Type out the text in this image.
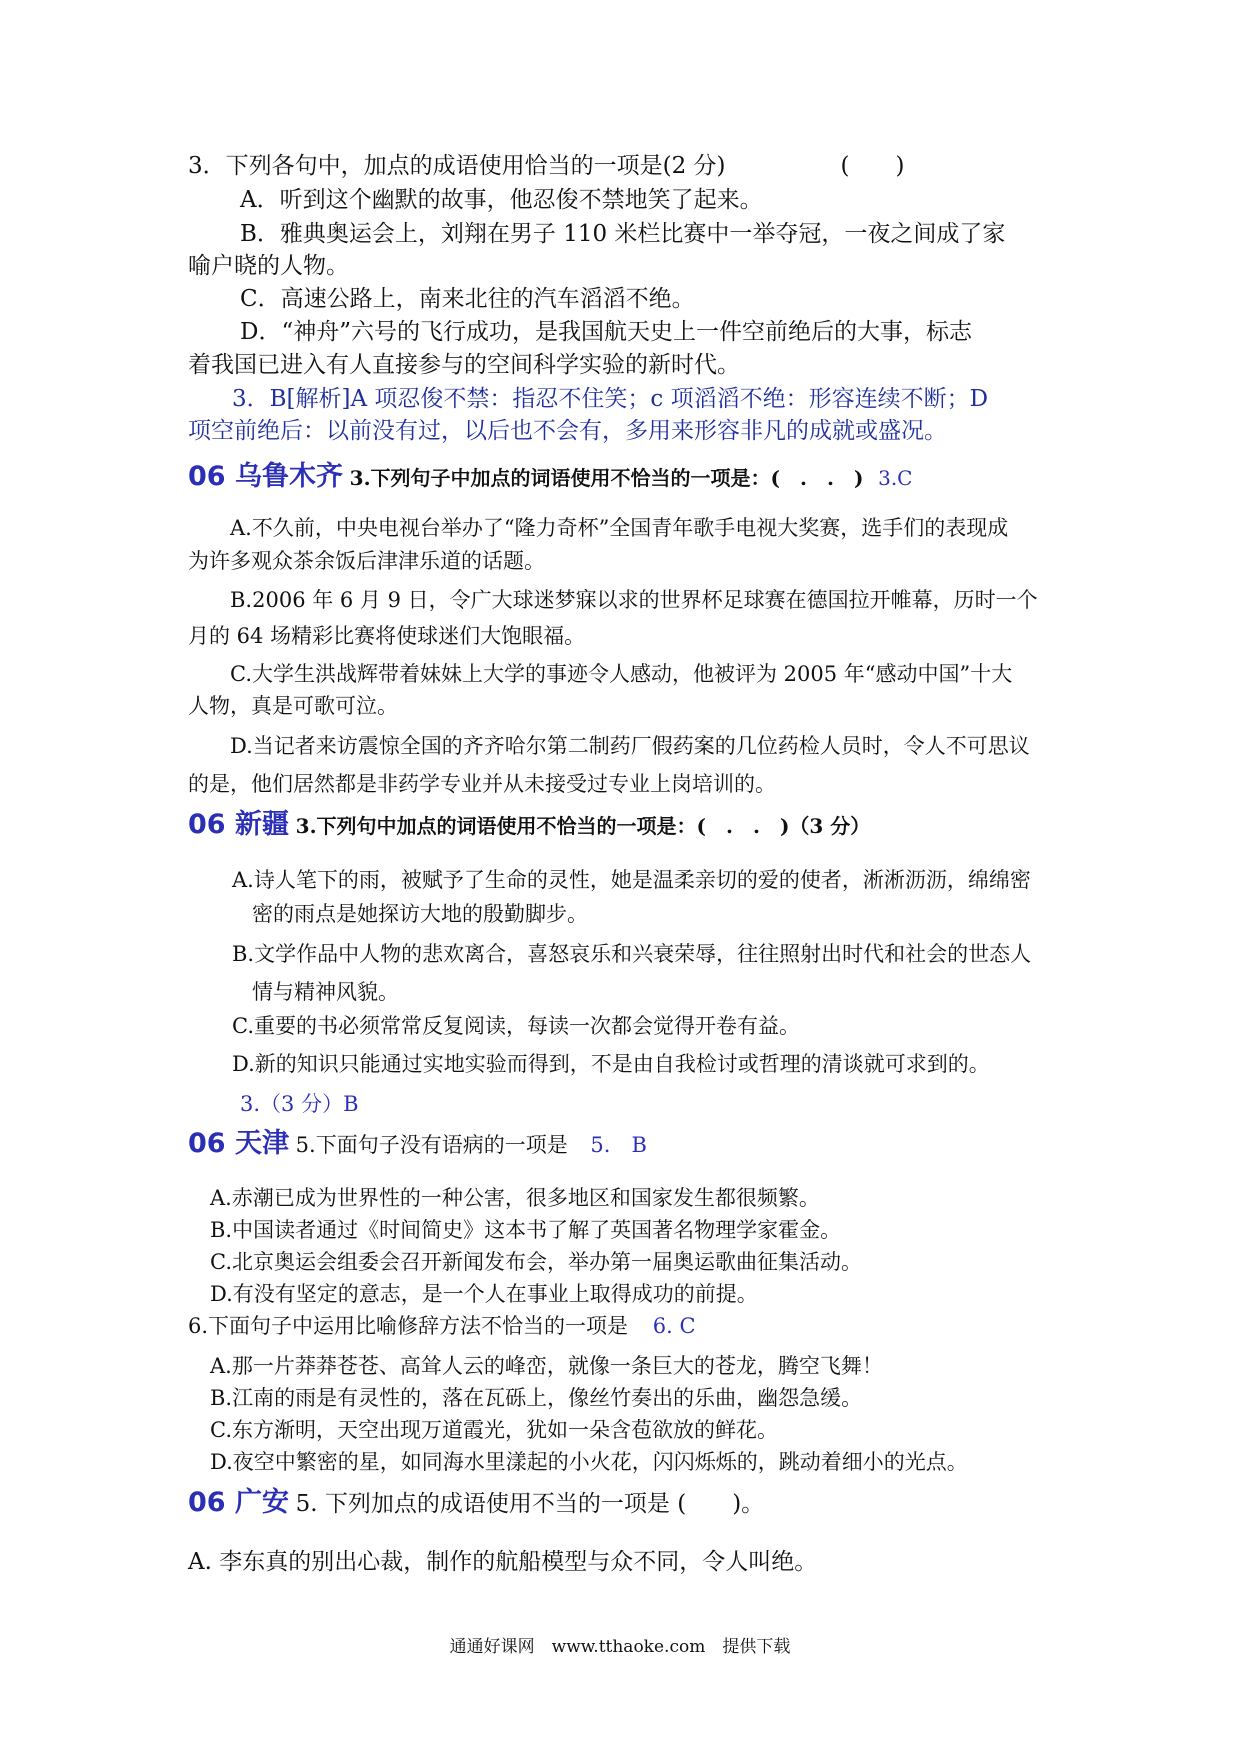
3．下列各句中，加点的成语使用恰当的一项是(2 分)　　　　　(　　)
A．听到这个幽默的故事，他忍俊不禁地笑了起来。
B．雅典奥运会上，刘翔在男子 110 米栏比赛中一举夺冠，一夜之间成了家
喻户晓的人物。
C．高速公路上，南来北往的汽车滔滔不绝。
D．“神舟”六号的飞行成功，是我国航天史上一件空前绝后的大事，标志
着我国已进入有人直接参与的空间科学实验的新时代。
3．B[解析]A 项忍俊不禁：指忍不住笑；c 项滔滔不绝：形容连续不断；D
项空前绝后：以前没有过，以后也不会有，多用来形容非凡的成就或盛况。
06 乌鲁木齐 3.下列句子中加点的词语使用不恰当的一项是：(　.　.　) 3.C
A.不久前，中央电视台举办了“隆力奇杯”全国青年歌手电视大奖赛，选手们的表现成
为许多观众茶余饭后津津乐道的话题。
B.2006 年 6 月 9 日，令广大球迷梦寐以求的世界杯足球赛在德国拉开帷幕，历时一个
月的 64 场精彩比赛将使球迷们大饱眼福。
C.大学生洪战辉带着妹妹上大学的事迹令人感动，他被评为 2005 年“感动中国”十大
人物，真是可歌可泣。
D.当记者来访震惊全国的齐齐哈尔第二制药厂假药案的几位药检人员时，令人不可思议
的是，他们居然都是非药学专业并从未接受过专业上岗培训的。
06 新疆 3.下列句中加点的词语使用不恰当的一项是：(　.　.　)（3 分）
A.诗人笔下的雨，被赋予了生命的灵性，她是温柔亲切的爱的使者，淅淅沥沥，绵绵密
密的雨点是她探访大地的殷勤脚步。
B.文学作品中人物的悲欢离合，喜怒哀乐和兴衰荣辱，往往照射出时代和社会的世态人
情与精神风貌。
C.重要的书必须常常反复阅读，每读一次都会觉得开卷有益。
D.新的知识只能通过实地实验而得到，不是由自我检讨或哲理的清谈就可求到的。
3.（3 分）B
06 天津 5.下面句子没有语病的一项是 5.　B
A.赤潮已成为世界性的一种公害，很多地区和国家发生都很频繁。
B.中国读者通过《时间简史》这本书了解了英国著名物理学家霍金。
C.北京奥运会组委会召开新闻发布会，举办第一届奥运歌曲征集活动。
D.有没有坚定的意志，是一个人在事业上取得成功的前提。
6.下面句子中运用比喻修辞方法不恰当的一项是 6. C
A.那一片莽莽苍苍、高耸人云的峰峦，就像一条巨大的苍龙，腾空飞舞！
B.江南的雨是有灵性的，落在瓦砾上，像丝竹奏出的乐曲，幽怨急缓。
C.东方渐明，天空出现万道霞光，犹如一朵含苞欲放的鲜花。
D.夜空中繁密的星，如同海水里漾起的小火花，闪闪烁烁的，跳动着细小的光点。
06 广安 5. 下列加点的成语使用不当的一项是 (　　)。
A. 李东真的别出心裁，制作的航船模型与众不同，令人叫绝。
通通好课网　www.tthaoke.com　提供下载
